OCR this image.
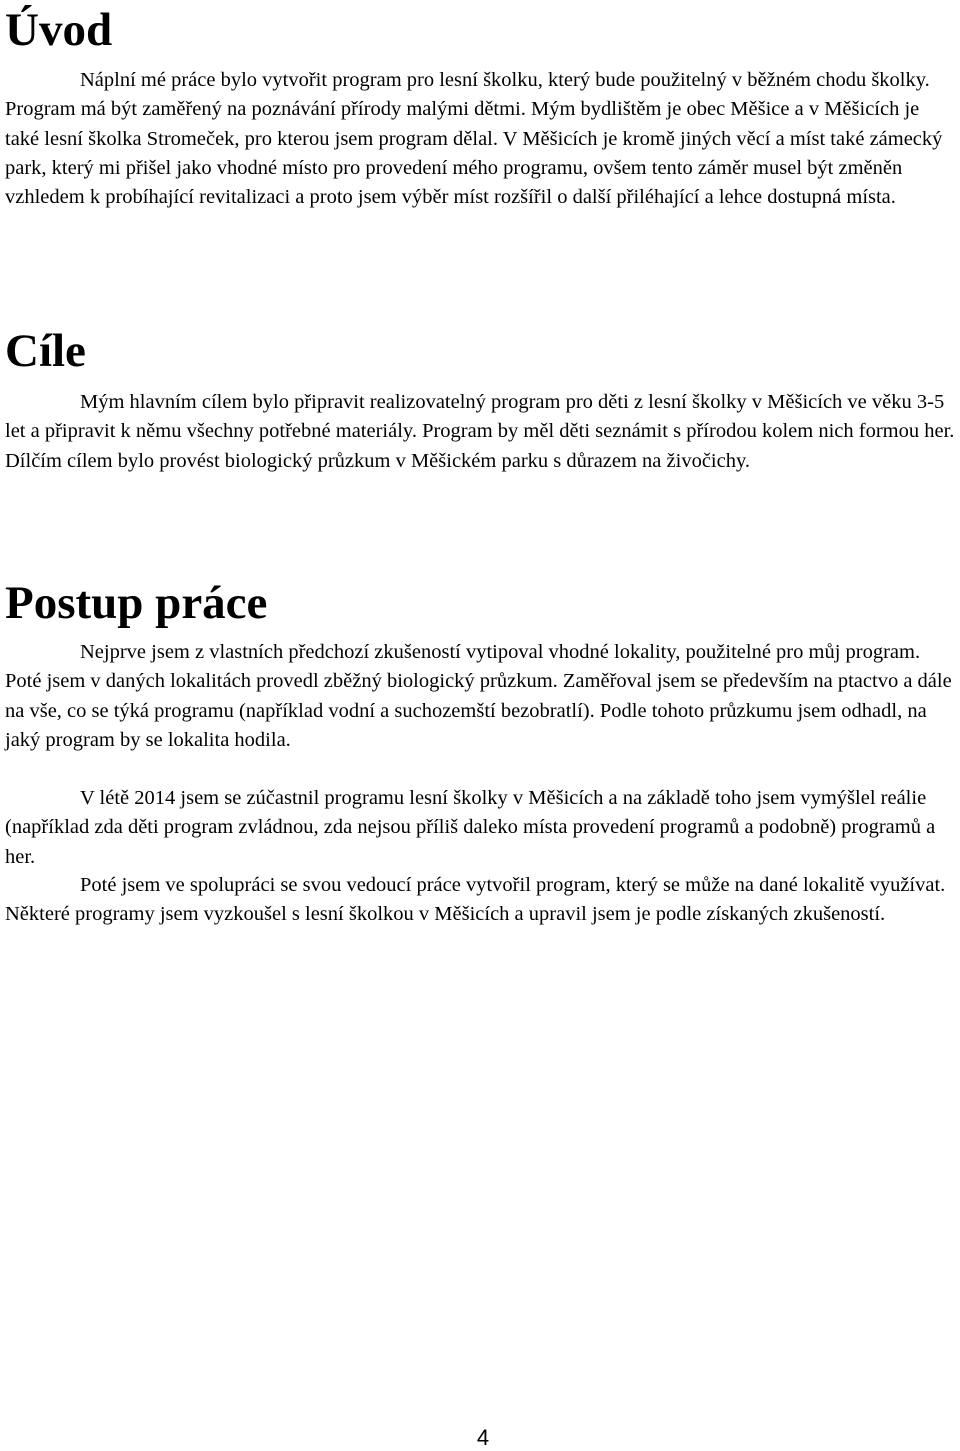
Úvod

Náplní mé práce bylo vytvořit program pro lesní školku, který bude použitelný v běžném chodu školky. Program má být zaměřený na poznávání přírody malými dětmi. Mým bydlištěm je obec Měšice a v Měšicích je také lesní školka Stromeček, pro kterou jsem program dělal. V Měšicích je kromě jiných věcí a míst také zámecký park, který mi přišel jako vhodné místo pro provedení mého programu, ovšem tento záměr musel být změněn vzhledem k probíhající revitalizaci a proto jsem výběr míst rozšířil o další přiléhající a lehce dostupná místa.

Cíle

Mým hlavním cílem bylo připravit realizovatelný program pro děti z lesní školky v Měšicích ve věku 3-5 let a připravit k němu všechny potřebné materiály. Program by měl děti seznámit s přírodou kolem nich formou her. Dílčím cílem bylo provést biologický průzkum v Měšickém parku s důrazem na živočichy.

Postup práce

Nejprve jsem z vlastních předchozí zkušeností vytipoval vhodné lokality, použitelné pro můj program. Poté jsem v daných lokalitách provedl zběžný biologický průzkum. Zaměřoval jsem se především na ptactvo a dále na vše, co se týká programu (například vodní a suchozemští bezobratlí). Podle tohoto průzkumu jsem odhadl, na jaký program by se lokalita hodila.

V létě 2014 jsem se zúčastnil programu lesní školky v Měšicích a na základě toho jsem vymýšlel reálie (například zda děti program zvládnou, zda nejsou příliš daleko místa provedení programů a podobně) programů a her.

Poté jsem ve spolupráci se svou vedoucí práce vytvořil program, který se může na dané lokalitě využívat. Některé programy jsem vyzkoušel s lesní školkou v Měšicích a upravil jsem je podle získaných zkušeností.

4
